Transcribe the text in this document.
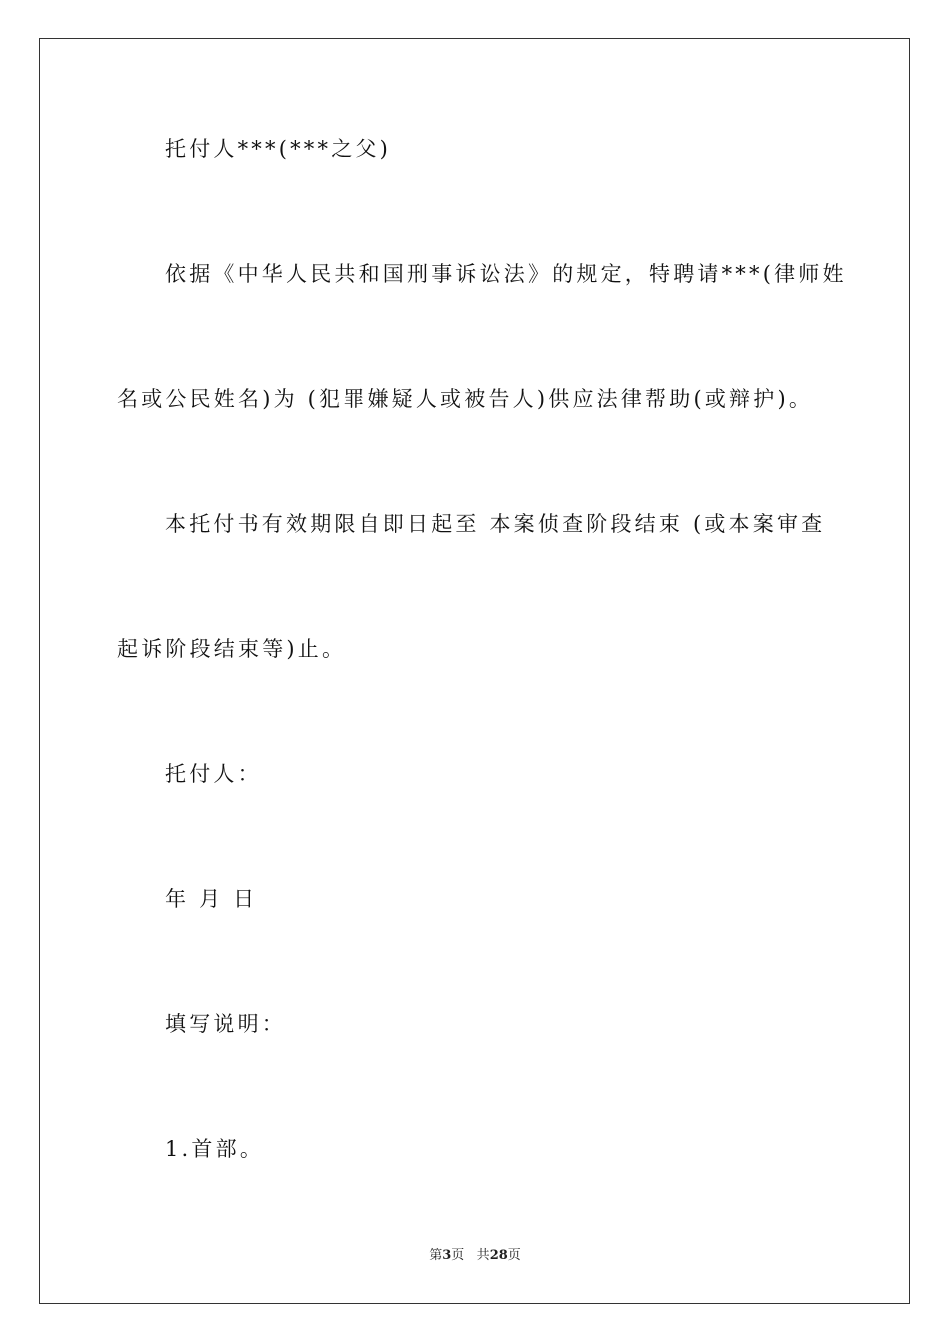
托付人***(***之父)
依据《中华人民共和国刑事诉讼法》的规定，特聘请***(律师姓
名或公民姓名)为 (犯罪嫌疑人或被告人)供应法律帮助(或辩护)。
本托付书有效期限自即日起至 本案侦查阶段结束 (或本案审查
起诉阶段结束等)止。
托付人：
年 月 日
填写说明：
1.首部。
第3页 共28页
